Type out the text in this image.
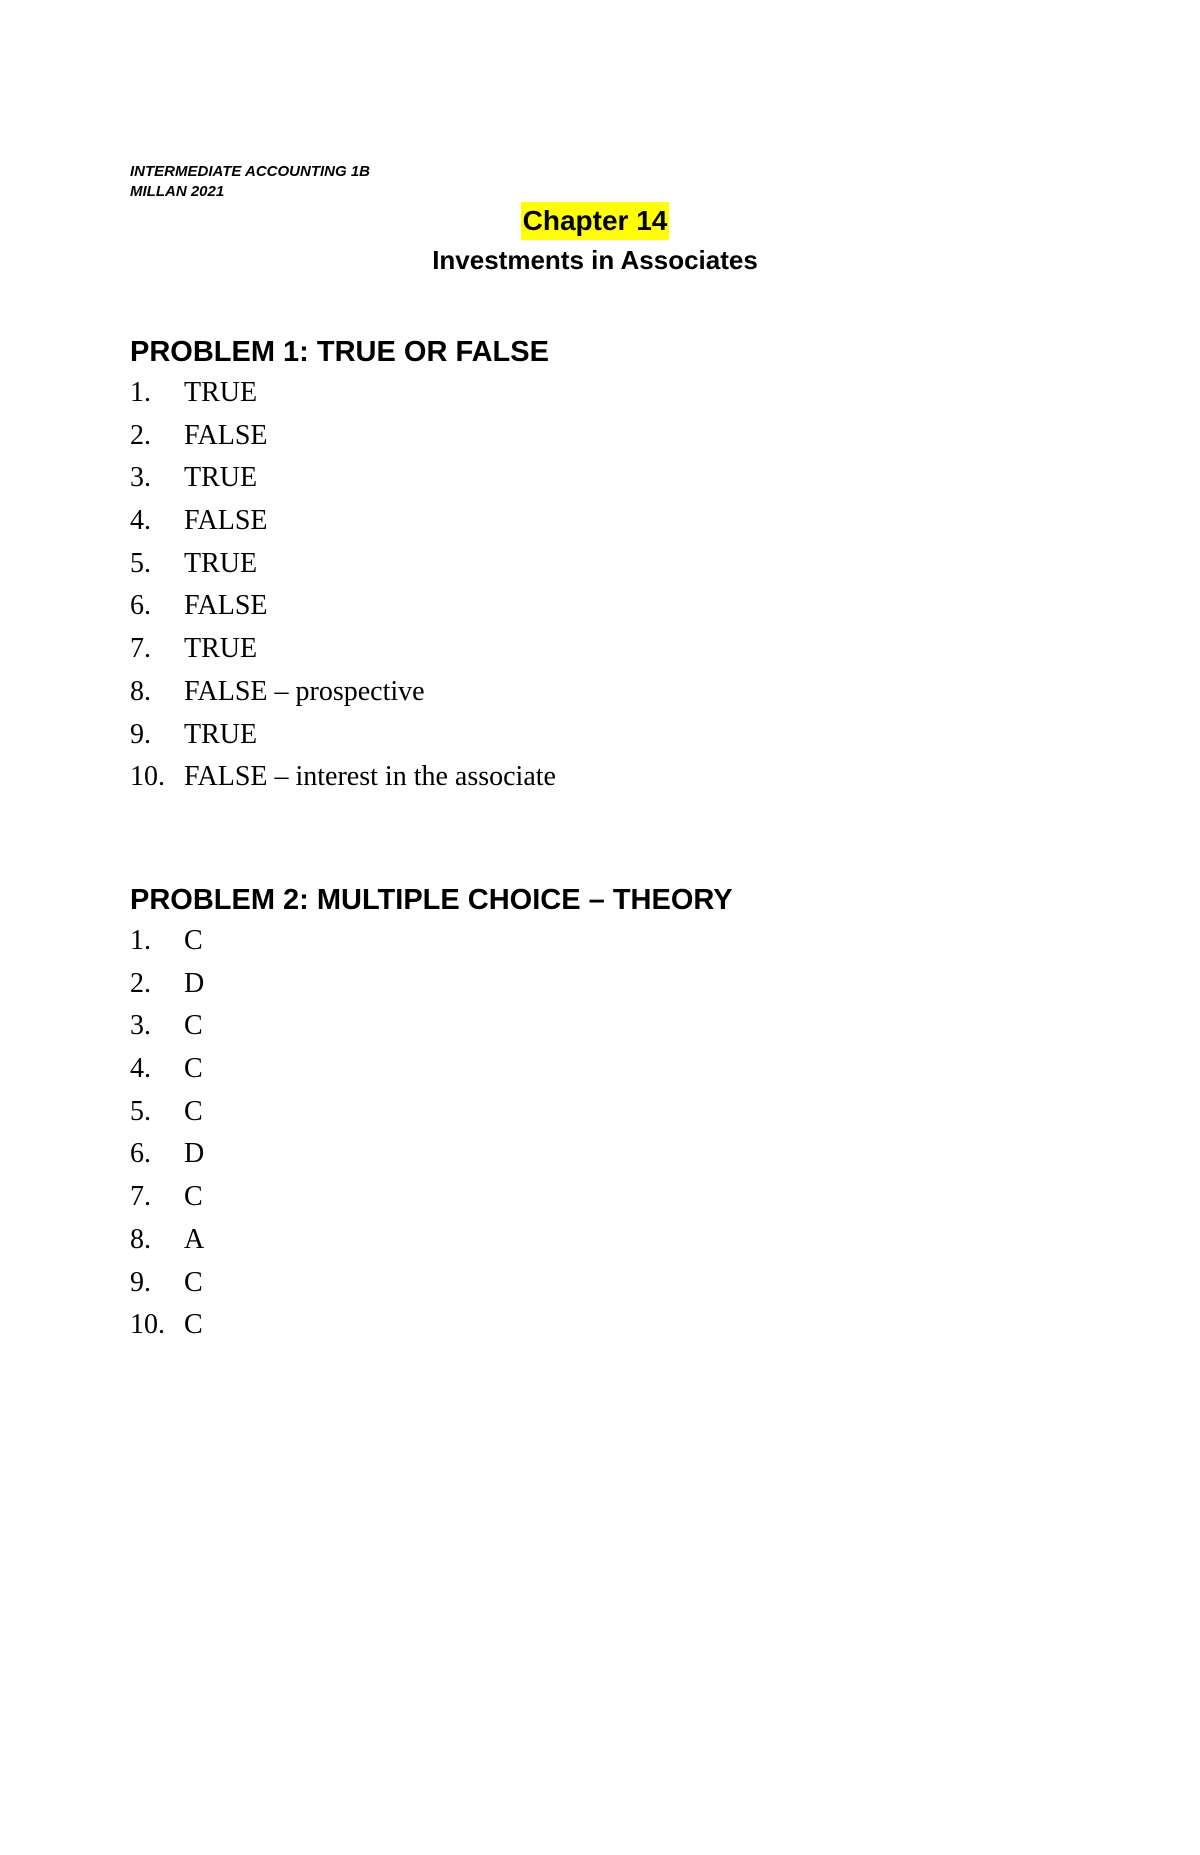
INTERMEDIATE ACCOUNTING 1B
MILLAN 2021
Chapter 14
Investments in Associates
PROBLEM 1: TRUE OR FALSE
1. TRUE
2. FALSE
3. TRUE
4. FALSE
5. TRUE
6. FALSE
7. TRUE
8. FALSE – prospective
9. TRUE
10. FALSE – interest in the associate
PROBLEM 2: MULTIPLE CHOICE – THEORY
1. C
2. D
3. C
4. C
5. C
6. D
7. C
8. A
9. C
10. C
